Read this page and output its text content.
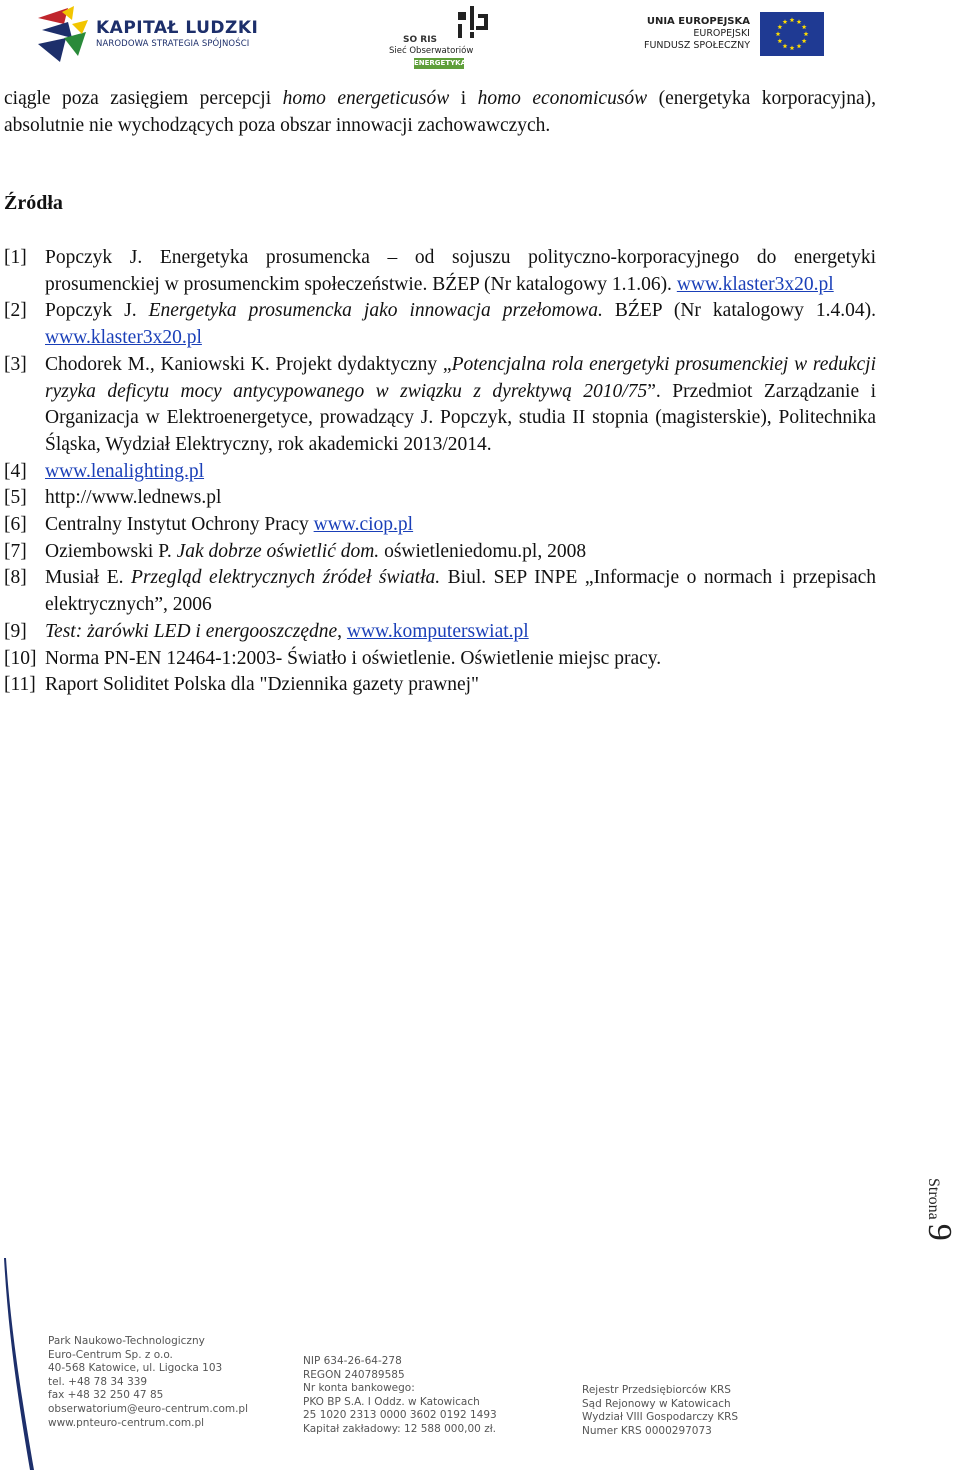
KAPITAŁ LUDZKI
NARODOWA STRATEGIA SPÓJNOŚCI	SO RIS
Sieć Obserwatoriów
ENERGETYKA
UNIA EUROPEJSKA
EUROPEJSKI
FUNDUSZ SPOŁECZNY

ciągle poza zasięgiem percepcji homo energeticusów i homo economicusów (energetyka korporacyjna), absolutnie nie wychodzących poza obszar innowacji zachowawczych.

Źródła
[1] Popczyk J. Energetyka prosumencka – od sojuszu polityczno-korporacyjnego do energetyki prosumenckiej w prosumenckim społeczeństwie. BŹEP (Nr katalogowy 1.1.06). www.klaster3x20.pl
[2] Popczyk J. Energetyka prosumencka jako innowacja przełomowa. BŹEP (Nr katalogowy 1.4.04). www.klaster3x20.pl
[3] Chodorek M., Kaniowski K. Projekt dydaktyczny „Potencjalna rola energetyki prosumenckiej w redukcji ryzyka deficytu mocy antycypowanego w związku z dyrektywą 2010/75”. Przedmiot Zarządzanie i Organizacja w Elektroenergetyce, prowadzący J. Popczyk, studia II stopnia (magisterskie), Politechnika Śląska, Wydział Elektryczny, rok akademicki 2013/2014.
[4] www.lenalighting.pl
[5] http://www.lednews.pl
[6] Centralny Instytut Ochrony Pracy www.ciop.pl
[7] Oziembowski P. Jak dobrze oświetlić dom. oświetleniedomu.pl, 2008
[8] Musiał E. Przegląd elektrycznych źródeł światła. Biul. SEP INPE „Informacje o normach i przepisach elektrycznych”, 2006
[9] Test: żarówki LED i energooszczędne, www.komputerswiat.pl
[10] Norma PN-EN 12464-1:2003- Światło i oświetlenie. Oświetlenie miejsc pracy.
[11] Raport Soliditet Polska dla "Dziennika gazety prawnej"
Strona 9
Park Naukowo-Technologiczny
Euro-Centrum Sp. z o.o.
40-568 Katowice, ul. Ligocka 103
tel. +48 78 34 339
fax +48 32 250 47 85
obserwatorium@euro-centrum.com.pl
www.pnteuro-centrum.com.pl
NIP 634-26-64-278
REGON 240789585
Nr konta bankowego:
PKO BP S.A. I Oddz. w Katowicach
25 1020 2313 0000 3602 0192 1493
Kapitał zakładowy: 12 588 000,00 zł.
Rejestr Przedsiębiorców KRS
Sąd Rejonowy w Katowicach
Wydział VIII Gospodarczy KRS
Numer KRS 0000297073
